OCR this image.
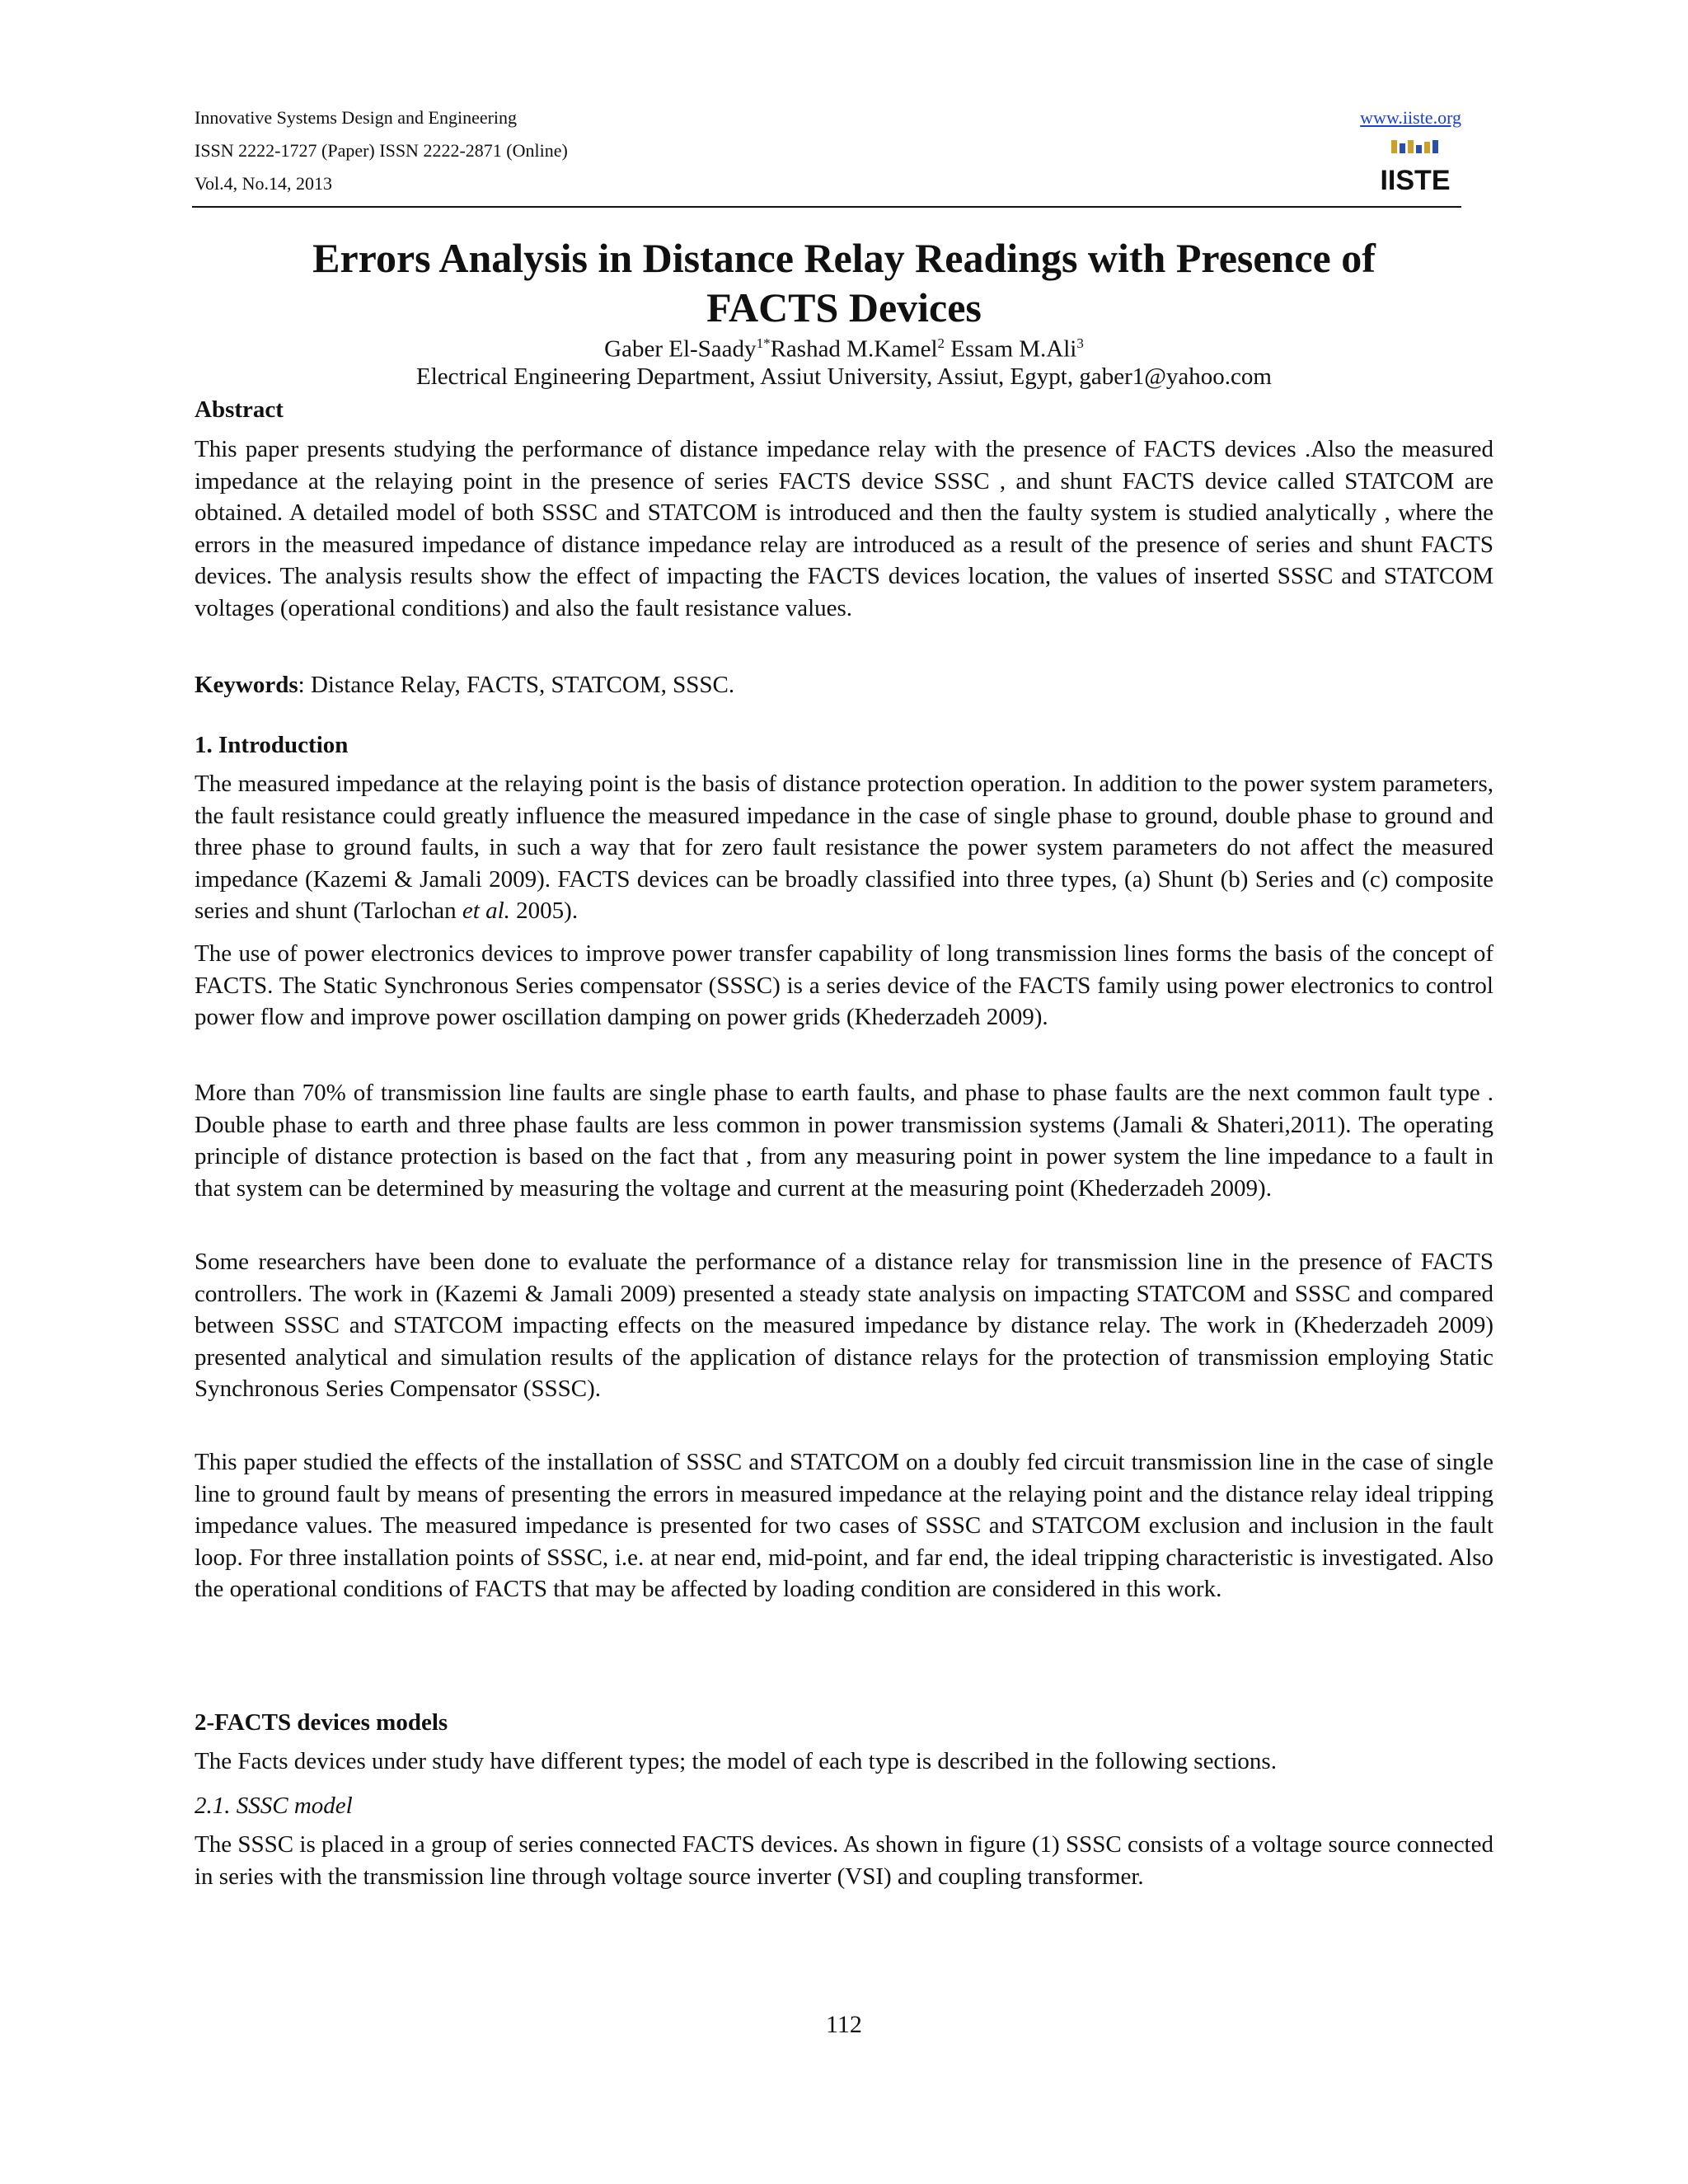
Innovative Systems Design and Engineering
ISSN 2222-1727 (Paper) ISSN 2222-2871 (Online)
Vol.4, No.14, 2013
www.iiste.org
IISTE
Errors Analysis in Distance Relay Readings with Presence of
FACTS Devices
Gaber El-Saady$^{1*}$Rashad M.Kamel$^2$ Essam M.Ali$^3$
Electrical Engineering Department, Assiut University, Assiut, Egypt, gaber1@yahoo.com
Abstract

This paper presents studying the performance of distance impedance relay with the presence of FACTS devices .Also the measured impedance at the relaying point in the presence of series FACTS device SSSC , and shunt FACTS device called STATCOM are obtained. A detailed model of both SSSC and STATCOM is introduced and then the faulty system is studied analytically , where the errors in the measured impedance of distance impedance relay are introduced as a result of the presence of series and shunt FACTS devices. The analysis results show the effect of impacting the FACTS devices location, the values of inserted SSSC and STATCOM voltages (operational conditions) and also the fault resistance values.

Keywords: Distance Relay, FACTS, STATCOM, SSSC.
1. Introduction

The measured impedance at the relaying point is the basis of distance protection operation. In addition to the power system parameters, the fault resistance could greatly influence the measured impedance in the case of single phase to ground, double phase to ground and three phase to ground faults, in such a way that for zero fault resistance the power system parameters do not affect the measured impedance (Kazemi & Jamali 2009). FACTS devices can be broadly classified into three types, (a) Shunt (b) Series and (c) composite series and shunt (Tarlochan et al. 2005).

The use of power electronics devices to improve power transfer capability of long transmission lines forms the basis of the concept of FACTS. The Static Synchronous Series compensator (SSSC) is a series device of the FACTS family using power electronics to control power flow and improve power oscillation damping on power grids (Khederzadeh 2009).

More than 70% of transmission line faults are single phase to earth faults, and phase to phase faults are the next common fault type . Double phase to earth and three phase faults are less common in power transmission systems (Jamali & Shateri,2011). The operating principle of distance protection is based on the fact that , from any measuring point in power system the line impedance to a fault in that system can be determined by measuring the voltage and current at the measuring point (Khederzadeh 2009).

Some researchers have been done to evaluate the performance of a distance relay for transmission line in the presence of FACTS controllers. The work in (Kazemi & Jamali 2009) presented a steady state analysis on impacting STATCOM and SSSC and compared between SSSC and STATCOM impacting effects on the measured impedance by distance relay. The work in (Khederzadeh 2009) presented analytical and simulation results of the application of distance relays for the protection of transmission employing Static Synchronous Series Compensator (SSSC).

This paper studied the effects of the installation of SSSC and STATCOM on a doubly fed circuit transmission line in the case of single line to ground fault by means of presenting the errors in measured impedance at the relaying point and the distance relay ideal tripping impedance values. The measured impedance is presented for two cases of SSSC and STATCOM exclusion and inclusion in the fault loop. For three installation points of SSSC, i.e. at near end, mid-point, and far end, the ideal tripping characteristic is investigated. Also the operational conditions of FACTS that may be affected by loading condition are considered in this work.

2-FACTS devices models

The Facts devices under study have different types; the model of each type is described in the following sections.

2.1. SSSC model

The SSSC is placed in a group of series connected FACTS devices. As shown in figure (1) SSSC consists of a voltage source connected in series with the transmission line through voltage source inverter (VSI) and coupling transformer.

112
